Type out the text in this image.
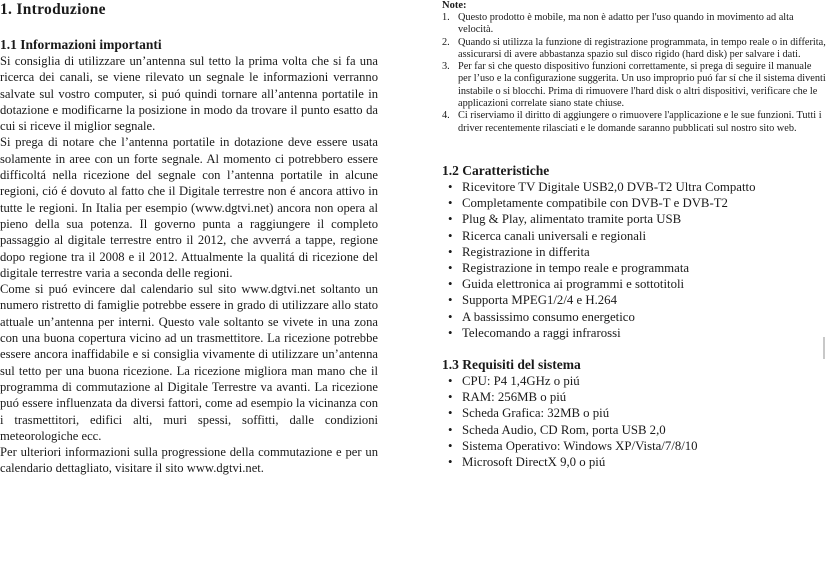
1. Introduzione
1.1 Informazioni importanti

Si consiglia di utilizzare un’antenna sul tetto la prima volta che si fa una ricerca dei canali, se viene rilevato un segnale le informazioni verranno salvate sul vostro computer, si puó quindi tornare all’antenna portatile in dotazione e modificarne la posizione in modo da trovare il punto esatto da cui si riceve il miglior segnale.

Si prega di notare che l’antenna portatile in dotazione deve essere usata solamente in aree con un forte segnale. Al momento ci potrebbero essere difficoltá nella ricezione del segnale con l’antenna portatile in alcune regioni, ció é dovuto al fatto che il Digitale terrestre non é ancora attivo in tutte le regioni. In Italia per esempio (www.dgtvi.net) ancora non opera al pieno della sua potenza. Il governo punta a raggiungere il completo passaggio al digitale terrestre entro il 2012, che avverrá a tappe, regione dopo regione tra il 2008 e il 2012. Attualmente la qualitá di ricezione del digitale terrestre varia a seconda delle regioni.

Come si puó evincere dal calendario sul sito www.dgtvi.net soltanto un numero ristretto di famiglie potrebbe essere in grado di utilizzare allo stato attuale un’antenna per interni. Questo vale soltanto se vivete in una zona con una buona copertura vicino ad un trasmettitore. La ricezione potrebbe essere ancora inaffidabile e si consiglia vivamente di utilizzare un’antenna sul tetto per una buona ricezione. La ricezione migliora man mano che il programma di commutazione al Digitale Terrestre va avanti. La ricezione puó essere influenzata da diversi fattori, come ad esempio la vicinanza con i trasmettitori, edifici alti, muri spessi, soffitti, dalle condizioni meteorologiche ecc.

Per ulteriori informazioni sulla progressione della commutazione e per un calendario dettagliato, visitare il sito www.dgtvi.net.

Note:

1. Questo prodotto è mobile, ma non è adatto per l'uso quando in movimento ad alta velocità.
2. Quando si utilizza la funzione di registrazione programmata, in tempo reale o in differita, assicurarsi di avere abbastanza spazio sul disco rigido (hard disk) per salvare i dati.
3. Per far sì che questo dispositivo funzioni correttamente, si prega di seguire il manuale per l’uso e la configurazione suggerita. Un uso improprio puó far sí che il sistema diventi instabile o si blocchi. Prima di rimuovere l'hard disk o altri dispositivi, verificare che le applicazioni correlate siano state chiuse.
4. Ci riserviamo il diritto di aggiungere o rimuovere l'applicazione e le sue funzioni. Tutti i driver recentemente rilasciati e le domande saranno pubblicati sul nostro sito web.
1.2 Caratteristiche
• Ricevitore TV Digitale USB2,0 DVB-T2 Ultra Compatto
• Completamente compatibile con DVB-T e DVB-T2
• Plug & Play, alimentato tramite porta USB
• Ricerca canali universali e regionali
• Registrazione in differita
• Registrazione in tempo reale e programmata
• Guida elettronica ai programmi e sottotitoli
• Supporta MPEG1/2/4 e H.264
• A bassissimo consumo energetico
• Telecomando a raggi infrarossi
1.3 Requisiti del sistema
• CPU: P4 1,4GHz o piú
• RAM: 256MB o piú
• Scheda Grafica: 32MB o piú
• Scheda Audio, CD Rom, porta USB 2,0
• Sistema Operativo: Windows XP/Vista/7/8/10
• Microsoft DirectX 9,0 o piú
